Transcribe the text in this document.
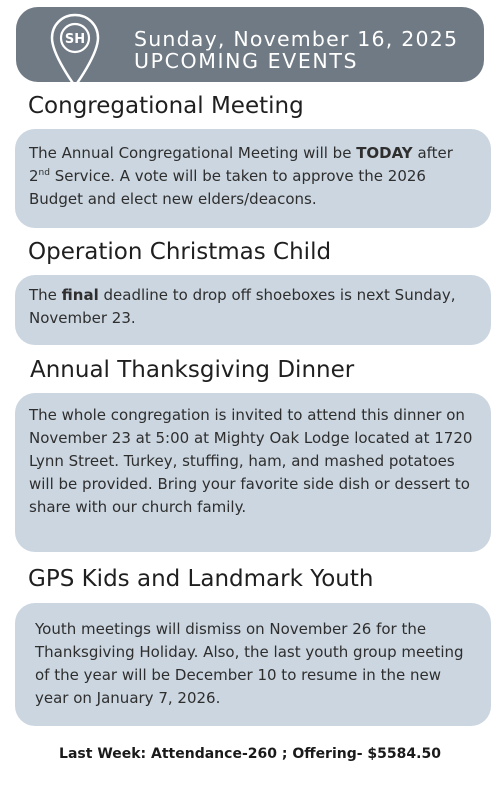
SH Sunday, November 16, 2025
UPCOMING EVENTS
Congregational Meeting
The Annual Congregational Meeting will be TODAY after 2nd Service. A vote will be taken to approve the 2026 Budget and elect new elders/deacons.
Operation Christmas Child
The final deadline to drop off shoeboxes is next Sunday, November 23.
Annual Thanksgiving Dinner
The whole congregation is invited to attend this dinner on November 23 at 5:00 at Mighty Oak Lodge located at 1720 Lynn Street. Turkey, stuffing, ham, and mashed potatoes will be provided. Bring your favorite side dish or dessert to share with our church family.
GPS Kids and Landmark Youth
Youth meetings will dismiss on November 26 for the Thanksgiving Holiday. Also, the last youth group meeting of the year will be December 10 to resume in the new year on January 7, 2026.
Last Week: Attendance-260 ; Offering- $5584.50
